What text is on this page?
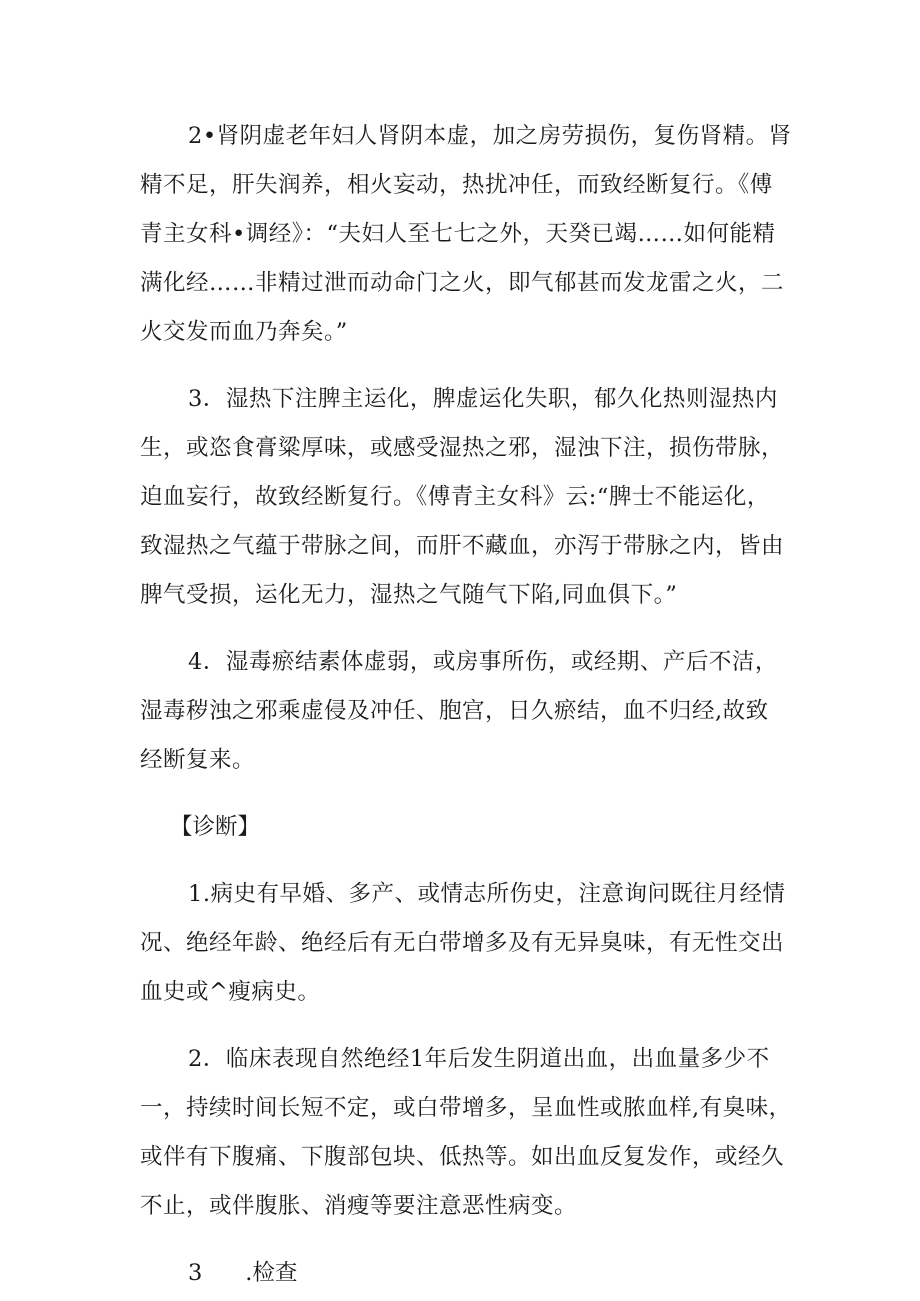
2•肾阴虚老年妇人肾阴本虚，加之房劳损伤，复伤肾精。肾
精不足，肝失润养，相火妄动，热扰冲任，而致经断复行。《傅
青主女科•调经》：“夫妇人至七七之外，天癸已竭……如何能精
满化经……非精过泄而动命门之火，即气郁甚而发龙雷之火，二
火交发而血乃奔矣。”
3．湿热下注脾主运化，脾虚运化失职，郁久化热则湿热内
生，或恣食膏粱厚味，或感受湿热之邪，湿浊下注，损伤带脉，
迫血妄行，故致经断复行。《傅青主女科》云:“脾士不能运化，
致湿热之气蕴于带脉之间，而肝不藏血，亦泻于带脉之内，皆由
脾气受损，运化无力，湿热之气随气下陷,同血俱下。”
4．湿毒瘀结素体虚弱，或房事所伤，或经期、产后不洁，
湿毒秽浊之邪乘虚侵及冲任、胞宫，日久瘀结，血不归经,故致
经断复来。
【诊断】
1.病史有早婚、多产、或情志所伤史，注意询问既往月经情
况、绝经年龄、绝经后有无白带增多及有无异臭味，有无性交出
血史或^瘦病史。
2．临床表现自然绝经1年后发生阴道出血，出血量多少不
一，持续时间长短不定，或白带增多，呈血性或脓血样,有臭味，
或伴有下腹痛、下腹部包块、低热等。如出血反复发作，或经久
不止，或伴腹胀、消瘦等要注意恶性病变。
3      .检查
